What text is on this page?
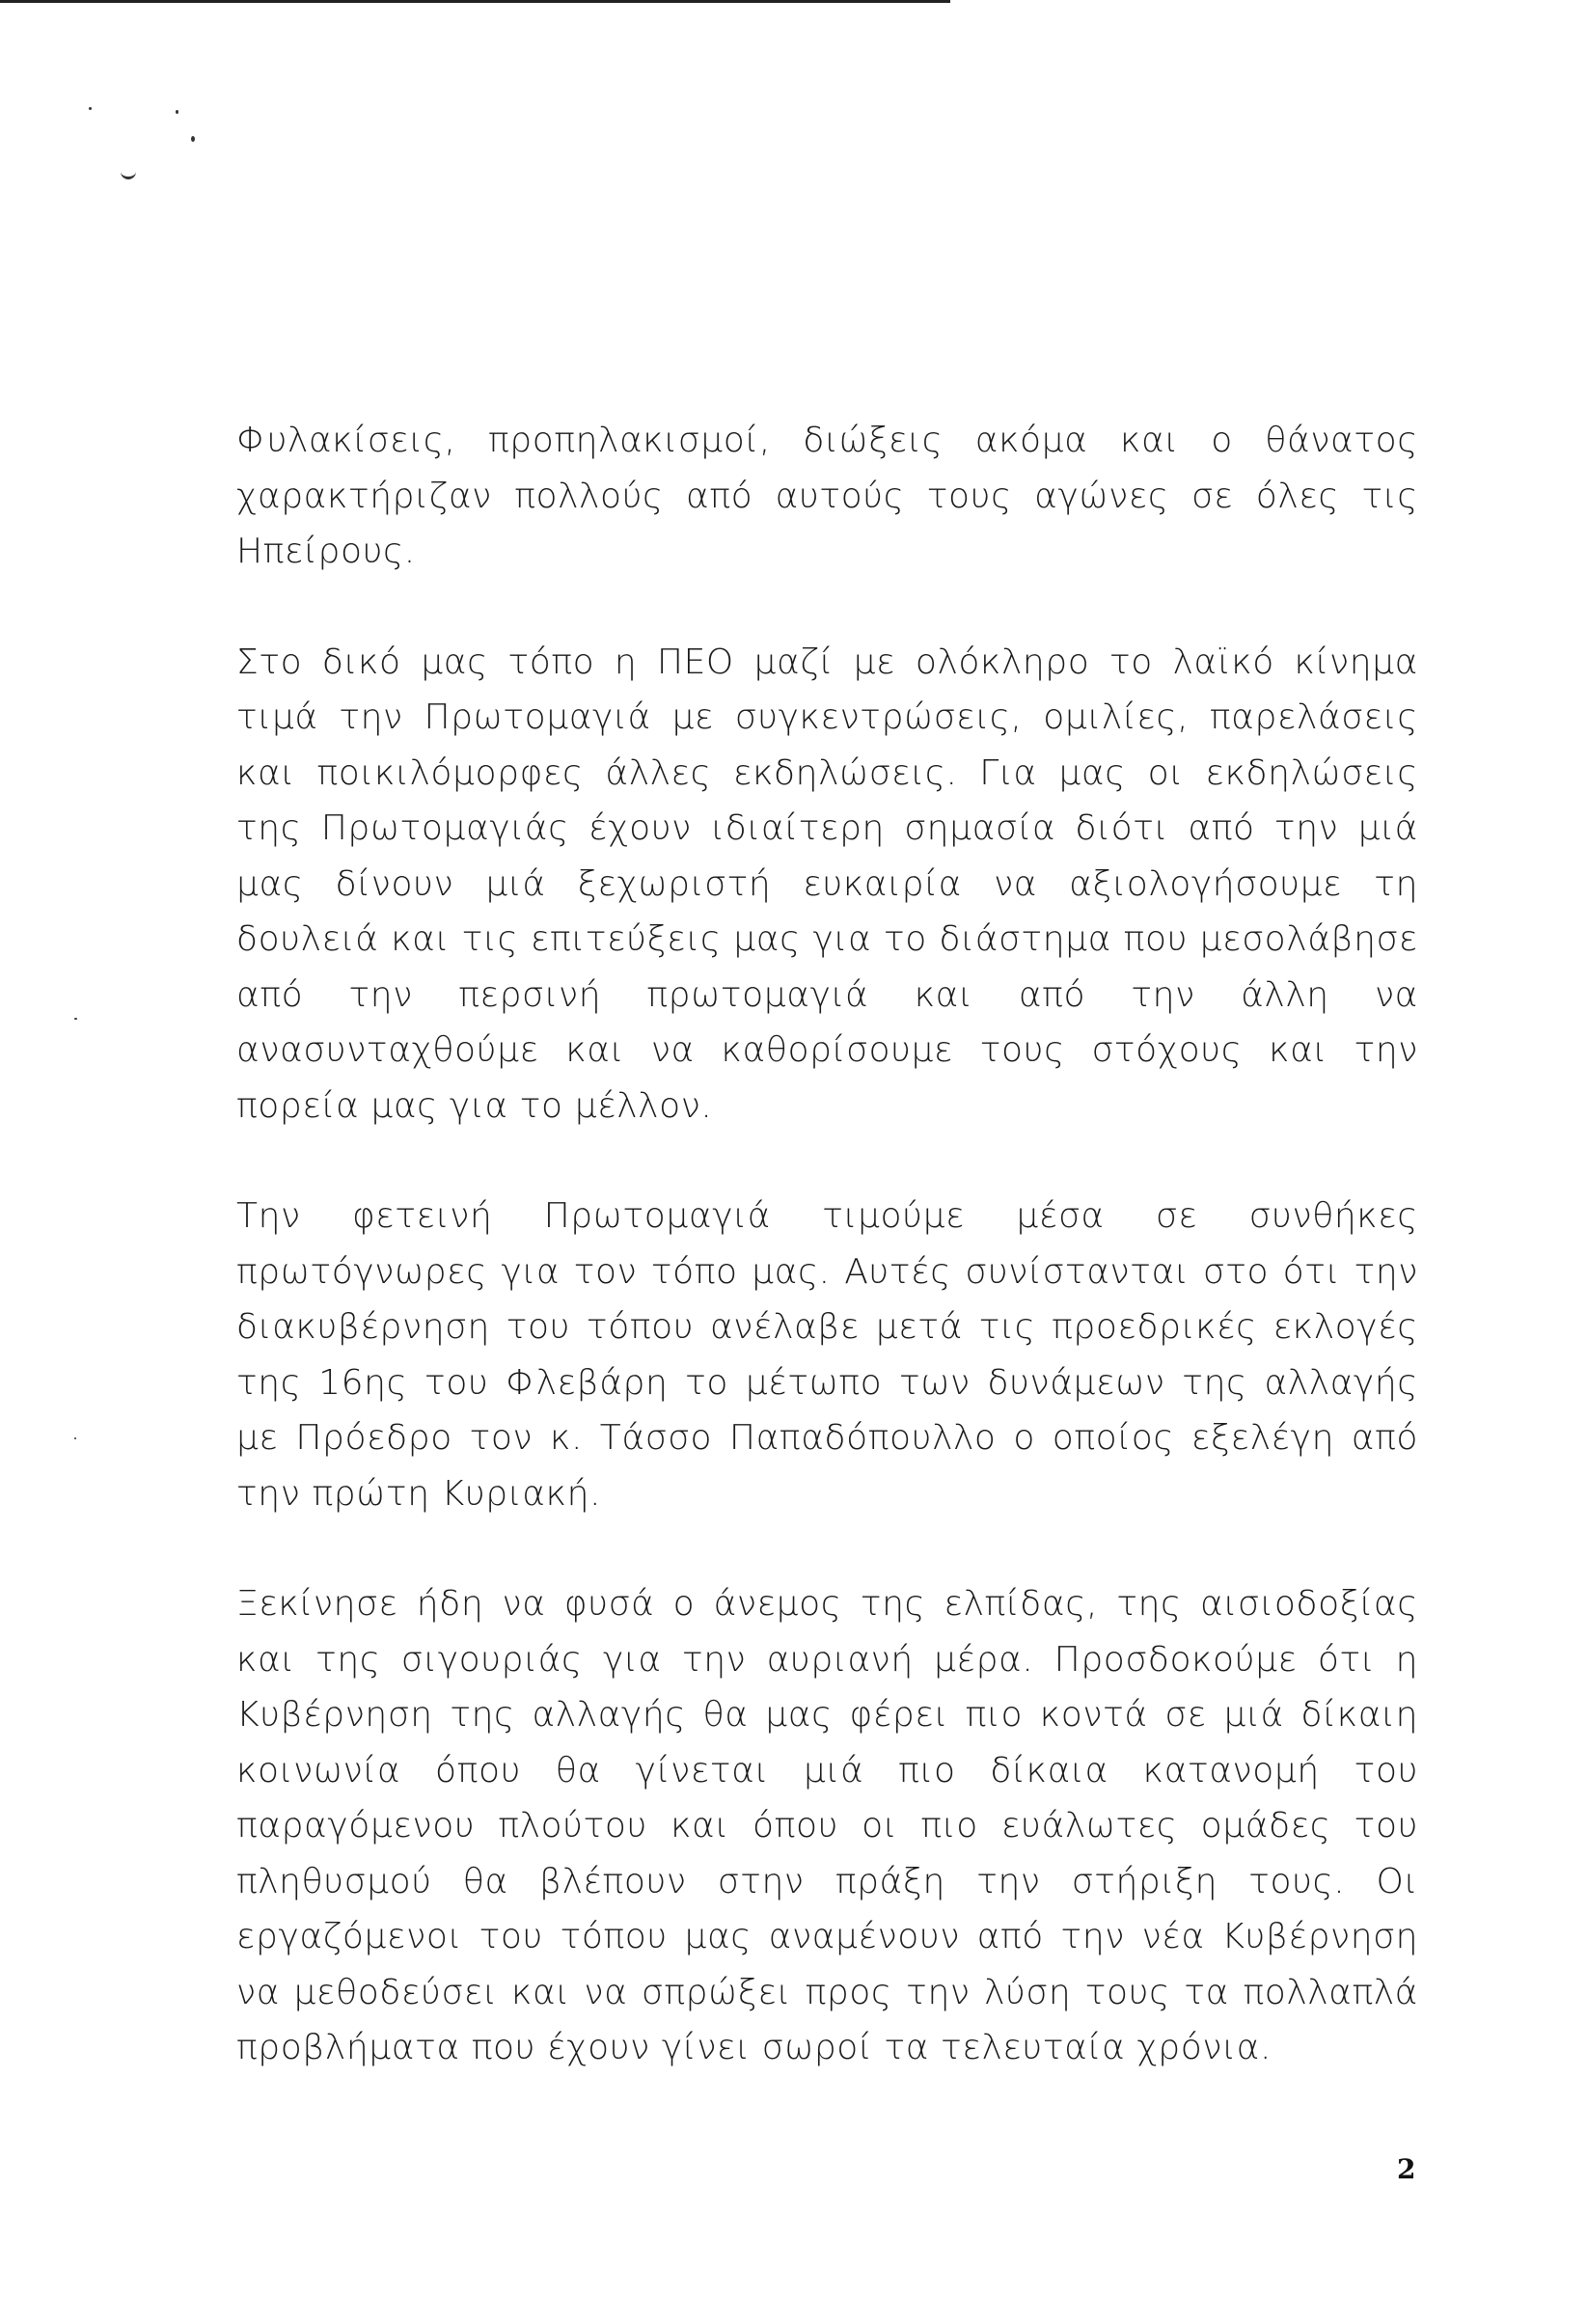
Φυλακίσεις, προπηλακισμοί, διώξεις ακόμα και ο θάνατος χαρακτήριζαν πολλούς από αυτούς τους αγώνες σε όλες τις Ηπείρους.

Στο δικό μας τόπο η ΠΕΟ μαζί με ολόκληρο το λαϊκό κίνημα τιμά την Πρωτομαγιά με συγκεντρώσεις, ομιλίες, παρελάσεις και ποικιλόμορφες άλλες εκδηλώσεις. Για μας οι εκδηλώσεις της Πρωτομαγιάς έχουν ιδιαίτερη σημασία διότι από την μιά μας δίνουν μιά ξεχωριστή ευκαιρία να αξιολογήσουμε τη δουλειά και τις επιτεύξεις μας για το διάστημα που μεσολάβησε από την περσινή πρωτομαγιά και από την άλλη να ανασυνταχθούμε και να καθορίσουμε τους στόχους και την πορεία μας για το μέλλον.

Την φετεινή Πρωτομαγιά τιμούμε μέσα σε συνθήκες πρωτόγνωρες για τον τόπο μας. Αυτές συνίστανται στο ότι την διακυβέρνηση του τόπου ανέλαβε μετά τις προεδρικές εκλογές της 16ης του Φλεβάρη το μέτωπο των δυνάμεων της αλλαγής με Πρόεδρο τον κ. Τάσσο Παπαδόπουλλο ο οποίος εξελέγη από την πρώτη Κυριακή.

Ξεκίνησε ήδη να φυσά ο άνεμος της ελπίδας, της αισιοδοξίας και της σιγουριάς για την αυριανή μέρα. Προσδοκούμε ότι η Κυβέρνηση της αλλαγής θα μας φέρει πιο κοντά σε μιά δίκαιη κοινωνία όπου θα γίνεται μιά πιο δίκαια κατανομή του παραγόμενου πλούτου και όπου οι πιο ευάλωτες ομάδες του πληθυσμού θα βλέπουν στην πράξη την στήριξη τους. Οι εργαζόμενοι του τόπου μας αναμένουν από την νέα Κυβέρνηση να μεθοδεύσει και να σπρώξει προς την λύση τους τα πολλαπλά προβλήματα που έχουν γίνει σωροί τα τελευταία χρόνια.

2
